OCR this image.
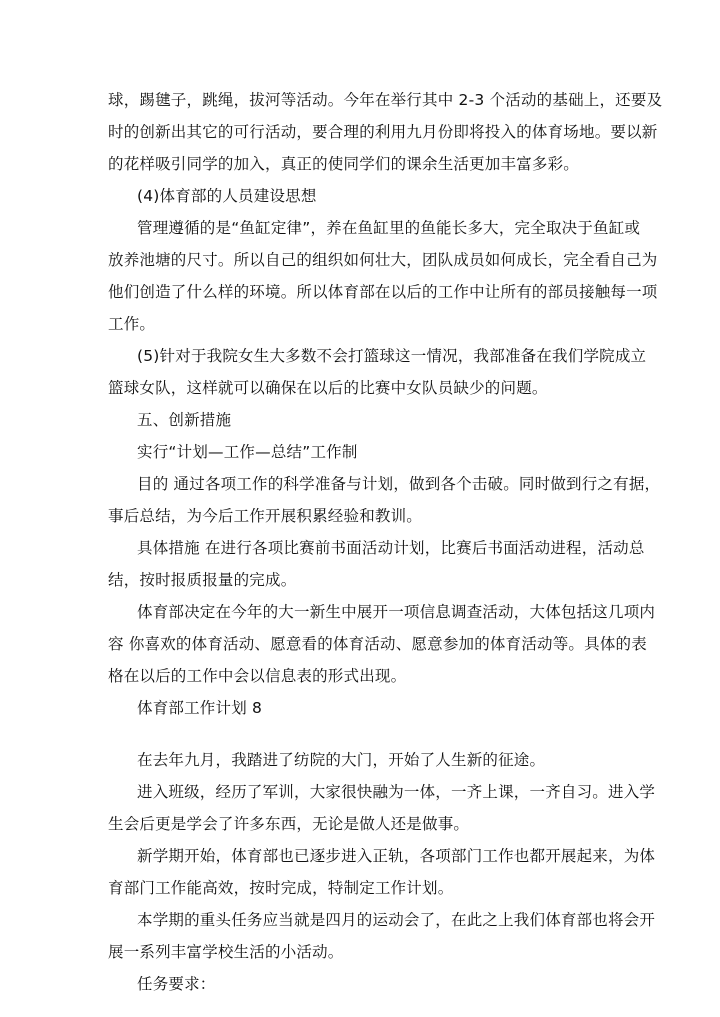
球，踢毽子，跳绳，拔河等活动。今年在举行其中 2-3 个活动的基础上，还要及
时的创新出其它的可行活动，要合理的利用九月份即将投入的体育场地。要以新
的花样吸引同学的加入，真正的使同学们的课余生活更加丰富多彩。
(4)体育部的人员建设思想
管理遵循的是“鱼缸定律”，养在鱼缸里的鱼能长多大，完全取决于鱼缸或
放养池塘的尺寸。所以自己的组织如何壮大，团队成员如何成长，完全看自己为
他们创造了什么样的环境。所以体育部在以后的工作中让所有的部员接触每一项
工作。
(5)针对于我院女生大多数不会打篮球这一情况，我部准备在我们学院成立
篮球女队，这样就可以确保在以后的比赛中女队员缺少的问题。
五、创新措施
实行“计划—工作—总结”工作制
目的 通过各项工作的科学准备与计划，做到各个击破。同时做到行之有据，
事后总结，为今后工作开展积累经验和教训。
具体措施 在进行各项比赛前书面活动计划，比赛后书面活动进程，活动总
结，按时报质报量的完成。
体育部决定在今年的大一新生中展开一项信息调查活动，大体包括这几项内
容 你喜欢的体育活动、愿意看的体育活动、愿意参加的体育活动等。具体的表
格在以后的工作中会以信息表的形式出现。
体育部工作计划 8
在去年九月，我踏进了纺院的大门，开始了人生新的征途。
进入班级，经历了军训，大家很快融为一体，一齐上课，一齐自习。进入学
生会后更是学会了许多东西，无论是做人还是做事。
新学期开始，体育部也已逐步进入正轨，各项部门工作也都开展起来，为体
育部门工作能高效，按时完成，特制定工作计划。
本学期的重头任务应当就是四月的运动会了，在此之上我们体育部也将会开
展一系列丰富学校生活的小活动。
任务要求：
